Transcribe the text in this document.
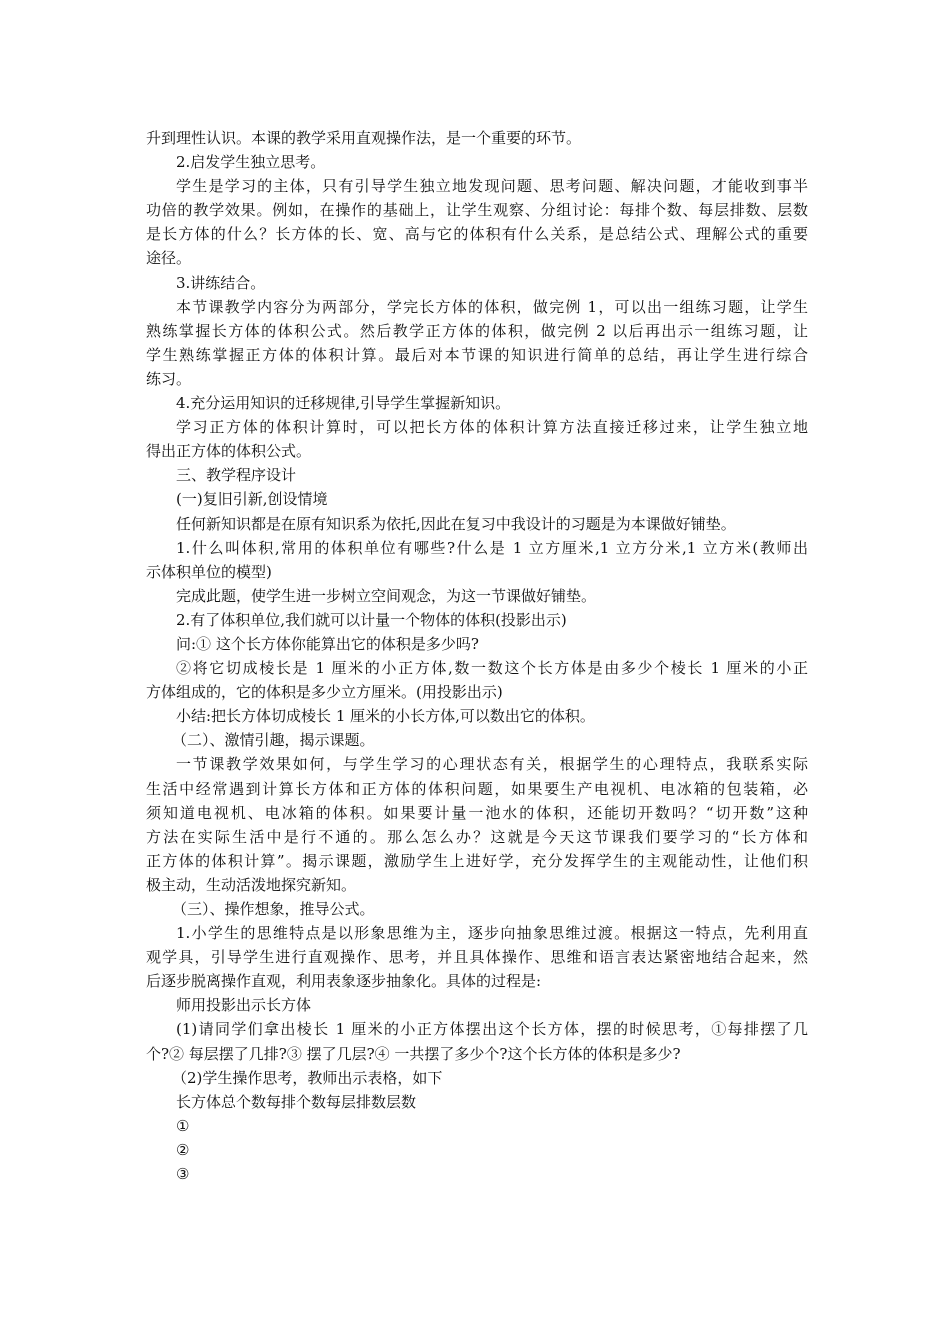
升到理性认识。本课的教学采用直观操作法，是一个重要的环节。

2.启发学生独立思考。

学生是学习的主体，只有引导学生独立地发现问题、思考问题、解决问题，才能收到事半

功倍的教学效果。例如，在操作的基础上，让学生观察、分组讨论：每排个数、每层排数、层数

是长方体的什么？长方体的长、宽、高与它的体积有什么关系，是总结公式、理解公式的重要

途径。

3.讲练结合。

本节课教学内容分为两部分，学完长方体的体积，做完例 1，可以出一组练习题，让学生

熟练掌握长方体的体积公式。然后教学正方体的体积，做完例 2 以后再出示一组练习题，让

学生熟练掌握正方体的体积计算。最后对本节课的知识进行简单的总结，再让学生进行综合

练习。

4.充分运用知识的迁移规律,引导学生掌握新知识。

学习正方体的体积计算时，可以把长方体的体积计算方法直接迁移过来，让学生独立地

得出正方体的体积公式。

三、教学程序设计

(一)复旧引新,创设情境

任何新知识都是在原有知识系为依托,因此在复习中我设计的习题是为本课做好铺垫。

1.什么叫体积,常用的体积单位有哪些?什么是 1 立方厘米,1 立方分米,1 立方米(教师出

示体积单位的模型)

完成此题，使学生进一步树立空间观念，为这一节课做好铺垫。

2.有了体积单位,我们就可以计量一个物体的体积(投影出示)

问:① 这个长方体你能算出它的体积是多少吗?

②将它切成棱长是 1 厘米的小正方体,数一数这个长方体是由多少个棱长 1 厘米的小正

方体组成的，它的体积是多少立方厘米。(用投影出示)

小结:把长方体切成棱长 1 厘米的小长方体,可以数出它的体积。

（二）、激情引趣，揭示课题。

一节课教学效果如何，与学生学习的心理状态有关，根据学生的心理特点，我联系实际

生活中经常遇到计算长方体和正方体的体积问题，如果要生产电视机、电冰箱的包装箱，必

须知道电视机、电冰箱的体积。如果要计量一池水的体积，还能切开数吗？“切开数”这种

方法在实际生活中是行不通的。那么怎么办？这就是今天这节课我们要学习的“长方体和

正方体的体积计算”。揭示课题，激励学生上进好学，充分发挥学生的主观能动性，让他们积

极主动，生动活泼地探究新知。

（三）、操作想象，推导公式。

1.小学生的思维特点是以形象思维为主，逐步向抽象思维过渡。根据这一特点，先利用直

观学具，引导学生进行直观操作、思考，并且具体操作、思维和语言表达紧密地结合起来，然

后逐步脱离操作直观，利用表象逐步抽象化。具体的过程是:

师用投影出示长方体

(1)请同学们拿出棱长 1 厘米的小正方体摆出这个长方体，摆的时候思考，①每排摆了几

个?② 每层摆了几排?③ 摆了几层?④ 一共摆了多少个?这个长方体的体积是多少?

（2)学生操作思考，教师出示表格，如下

长方体总个数每排个数每层排数层数

①

②

③
